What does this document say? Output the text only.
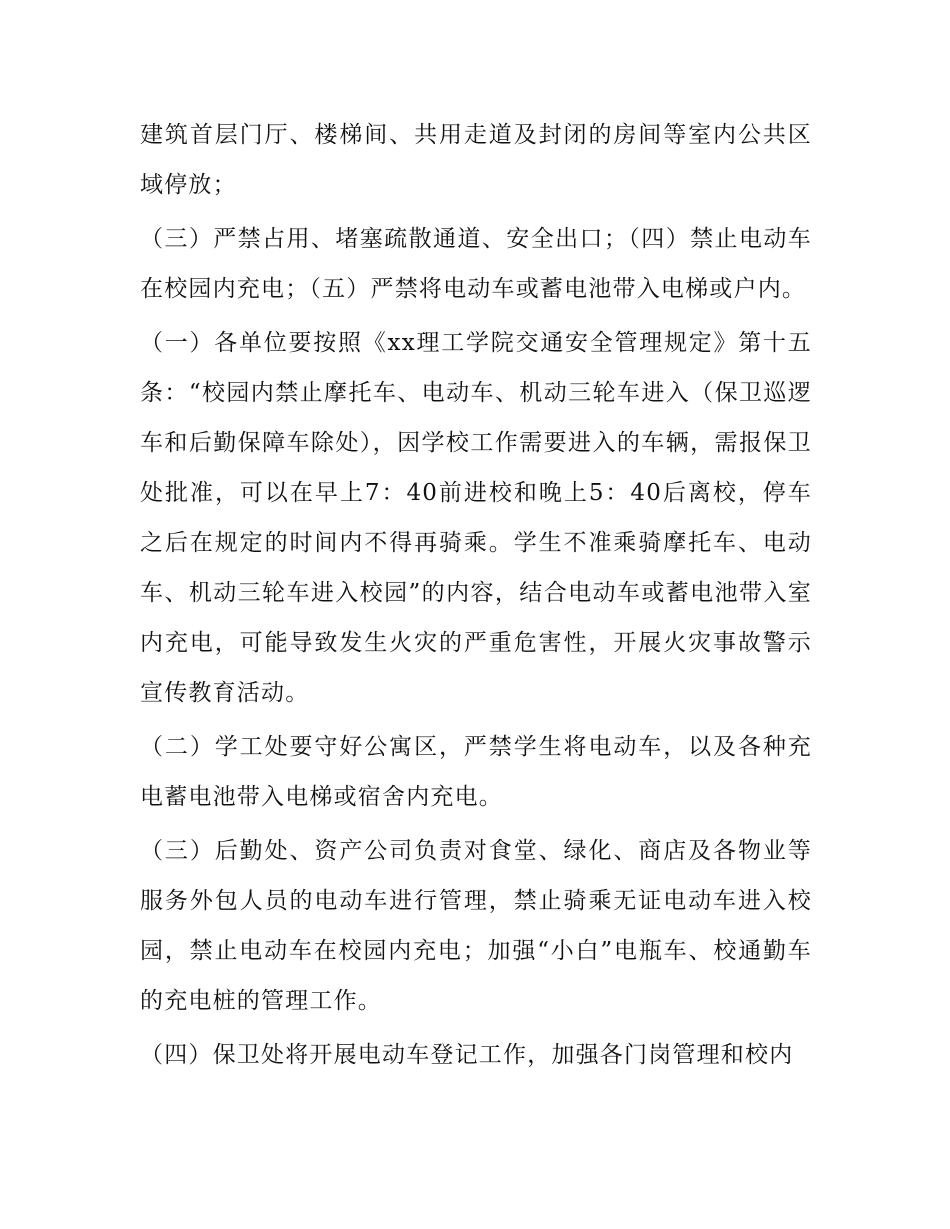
建筑首层门厅、楼梯间、共用走道及封闭的房间等室内公共区域停放；

（三）严禁占用、堵塞疏散通道、安全出口；（四）禁止电动车在校园内充电；（五）严禁将电动车或蓄电池带入电梯或户内。

（一）各单位要按照《xx理工学院交通安全管理规定》第十五条：“校园内禁止摩托车、电动车、机动三轮车进入（保卫巡逻车和后勤保障车除处），因学校工作需要进入的车辆，需报保卫处批准，可以在早上7：40前进校和晚上5：40后离校，停车之后在规定的时间内不得再骑乘。学生不准乘骑摩托车、电动车、机动三轮车进入校园”的内容，结合电动车或蓄电池带入室内充电，可能导致发生火灾的严重危害性，开展火灾事故警示宣传教育活动。

（二）学工处要守好公寓区，严禁学生将电动车，以及各种充电蓄电池带入电梯或宿舍内充电。

（三）后勤处、资产公司负责对食堂、绿化、商店及各物业等服务外包人员的电动车进行管理，禁止骑乘无证电动车进入校园，禁止电动车在校园内充电；加强“小白”电瓶车、校通勤车的充电桩的管理工作。

（四）保卫处将开展电动车登记工作，加强各门岗管理和校内
